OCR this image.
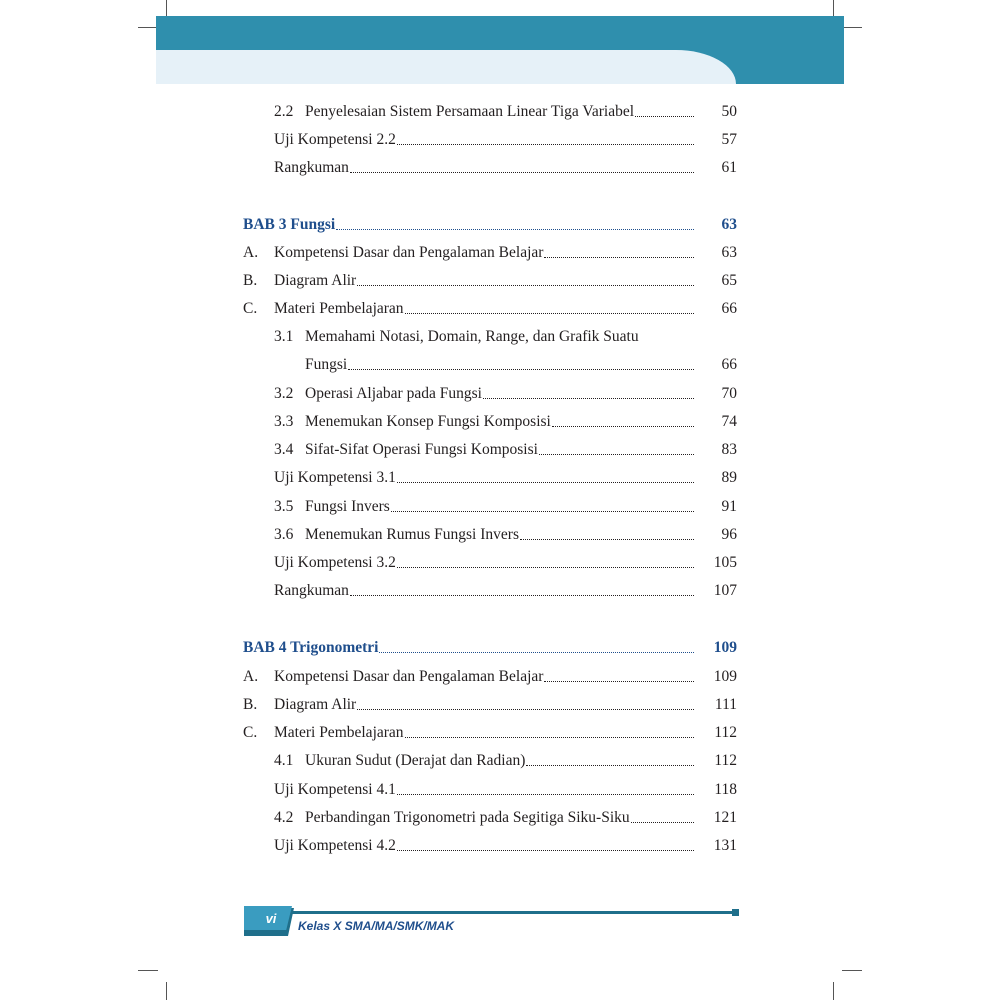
2.2 Penyelesaian Sistem Persamaan Linear Tiga Variabel	50
Uji Kompetensi 2.2	57
Rangkuman	61
BAB 3 Fungsi	63
A.	Kompetensi Dasar dan Pengalaman Belajar	63
B.	Diagram Alir	65
C.	Materi Pembelajaran	66
3.1 Memahami Notasi, Domain, Range, dan Grafik Suatu
Fungsi	66
3.2 Operasi Aljabar pada Fungsi	70
3.3 Menemukan Konsep Fungsi Komposisi	74
3.4 Sifat-Sifat Operasi Fungsi Komposisi	83
Uji Kompetensi 3.1	89
3.5 Fungsi Invers	91
3.6 Menemukan Rumus Fungsi Invers	96
Uji Kompetensi 3.2	105
Rangkuman	107
BAB 4 Trigonometri	109
A.	Kompetensi Dasar dan Pengalaman Belajar	109
B.	Diagram Alir	111
C.	Materi Pembelajaran	112
4.1 Ukuran Sudut (Derajat dan Radian)	112
Uji Kompetensi 4.1	118
4.2 Perbandingan Trigonometri pada Segitiga Siku-Siku	121
Uji Kompetensi 4.2	131
vi	Kelas X SMA/MA/SMK/MAK
